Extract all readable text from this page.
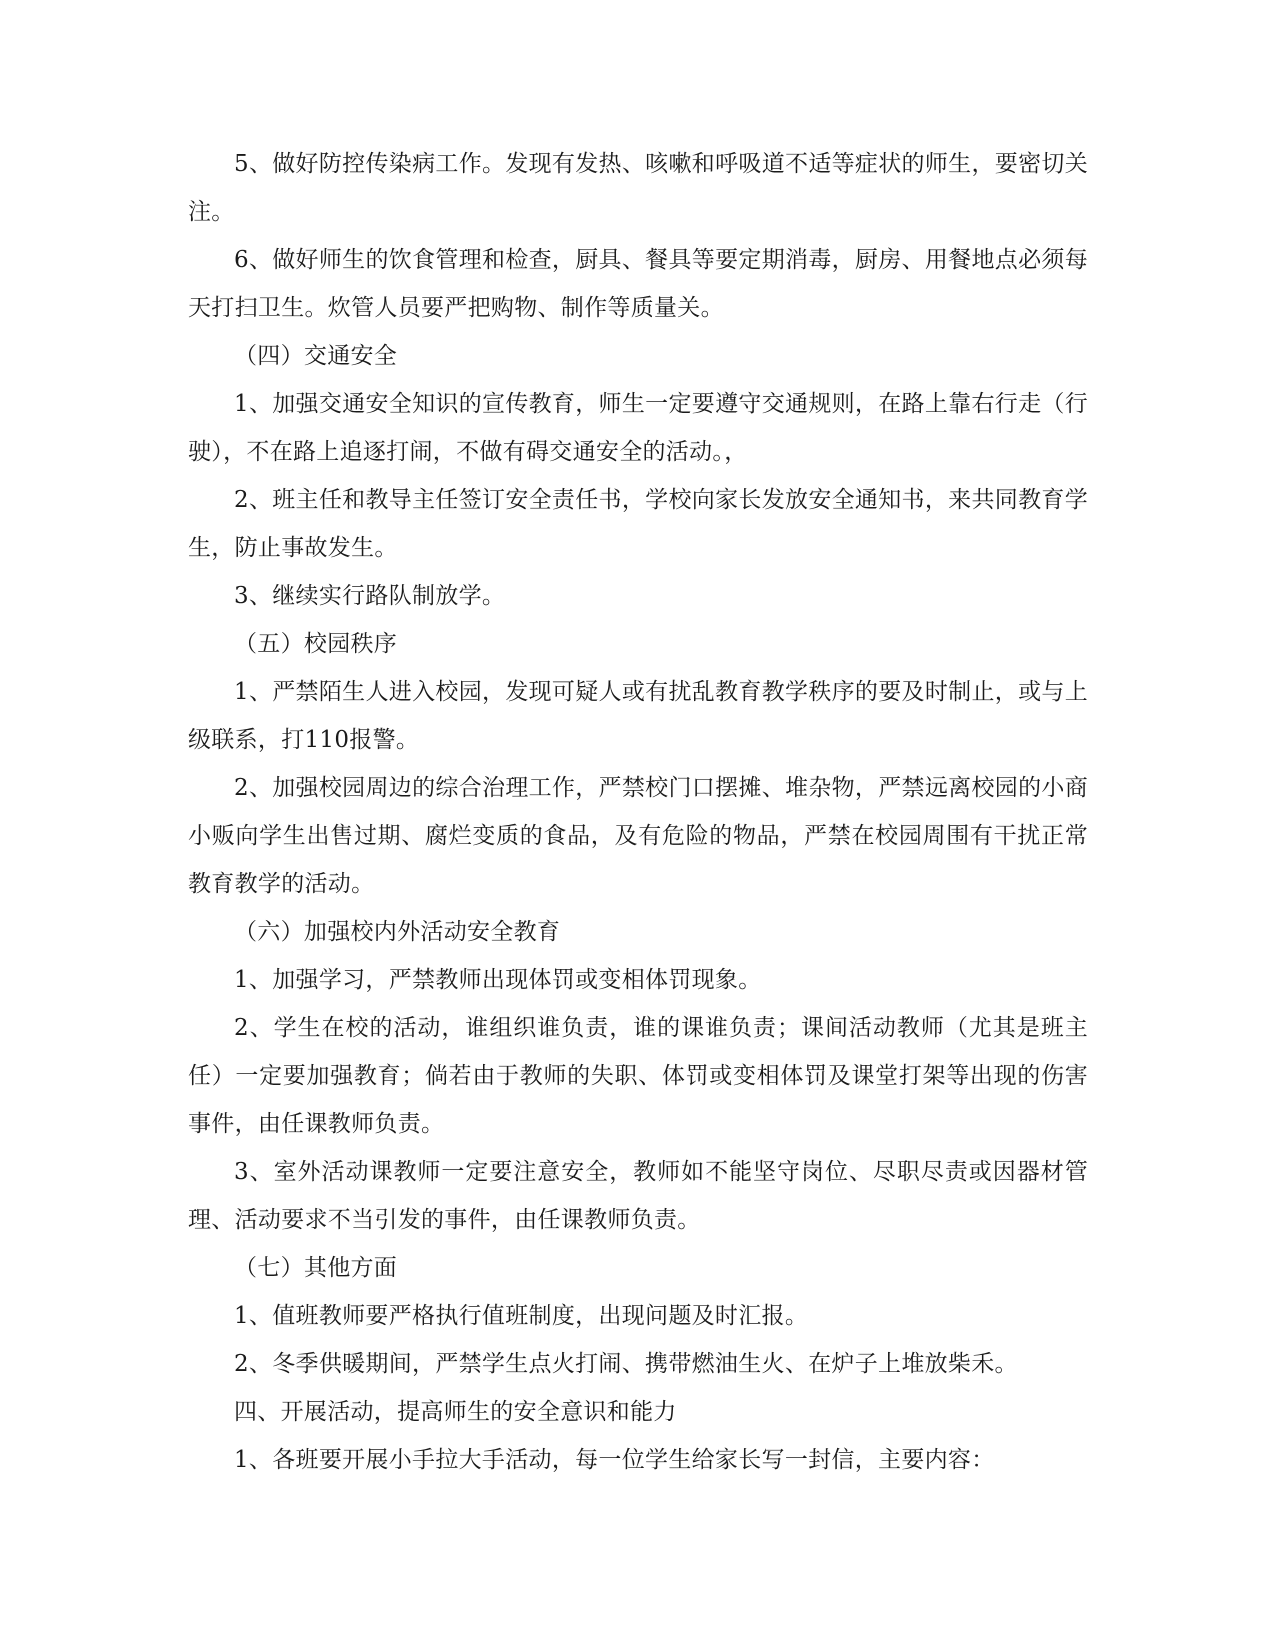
5、做好防控传染病工作。发现有发热、咳嗽和呼吸道不适等症状的师生，要密切关注。

6、做好师生的饮食管理和检查，厨具、餐具等要定期消毒，厨房、用餐地点必须每天打扫卫生。炊管人员要严把购物、制作等质量关。

（四）交通安全

1、加强交通安全知识的宣传教育，师生一定要遵守交通规则，在路上靠右行走（行驶），不在路上追逐打闹，不做有碍交通安全的活动。，

2、班主任和教导主任签订安全责任书，学校向家长发放安全通知书，来共同教育学生，防止事故发生。

3、继续实行路队制放学。

（五）校园秩序

1、严禁陌生人进入校园，发现可疑人或有扰乱教育教学秩序的要及时制止，或与上级联系，打110报警。

2、加强校园周边的综合治理工作，严禁校门口摆摊、堆杂物，严禁远离校园的小商小贩向学生出售过期、腐烂变质的食品，及有危险的物品，严禁在校园周围有干扰正常教育教学的活动。

（六）加强校内外活动安全教育

1、加强学习，严禁教师出现体罚或变相体罚现象。

2、学生在校的活动，谁组织谁负责，谁的课谁负责；课间活动教师（尤其是班主任）一定要加强教育；倘若由于教师的失职、体罚或变相体罚及课堂打架等出现的伤害事件，由任课教师负责。

3、室外活动课教师一定要注意安全，教师如不能坚守岗位、尽职尽责或因器材管理、活动要求不当引发的事件，由任课教师负责。

（七）其他方面

1、值班教师要严格执行值班制度，出现问题及时汇报。

2、冬季供暖期间，严禁学生点火打闹、携带燃油生火、在炉子上堆放柴禾。

四、开展活动，提高师生的安全意识和能力

1、各班要开展小手拉大手活动，每一位学生给家长写一封信，主要内容：
